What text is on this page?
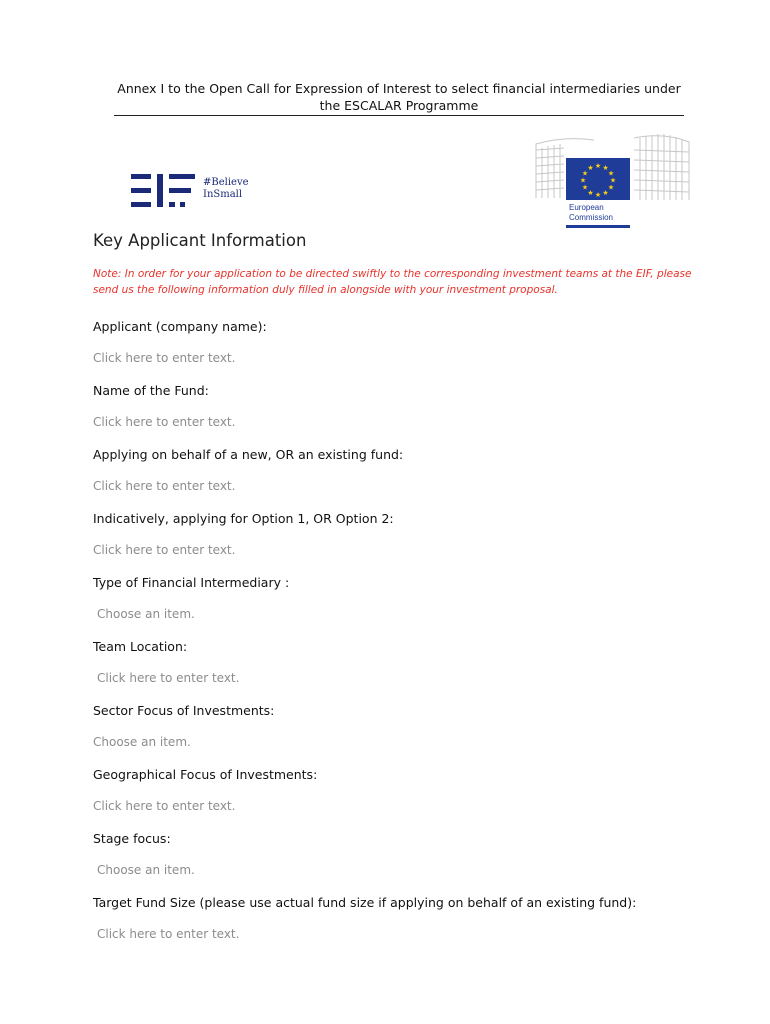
Annex I to the Open Call for Expression of Interest to select financial intermediaries under the ESCALAR Programme
#Believe
InSmall
★ ★
★
★
★
★
★
★
★
★
★
★
European
Commission
Key Applicant Information
Note: In order for your application to be directed swiftly to the corresponding investment teams at the EIF, please send us the following information duly filled in alongside with your investment proposal.
Applicant (company name):
Click here to enter text.
Name of the Fund:
Click here to enter text.
Applying on behalf of a new, OR an existing fund:
Click here to enter text.
Indicatively, applying for Option 1, OR Option 2:
Click here to enter text.
Type of Financial Intermediary :
Choose an item.
Team Location:
Click here to enter text.
Sector Focus of Investments:
Choose an item.
Geographical Focus of Investments:
Click here to enter text.
Stage focus:
Choose an item.
Target Fund Size (please use actual fund size if applying on behalf of an existing fund):
Click here to enter text.
